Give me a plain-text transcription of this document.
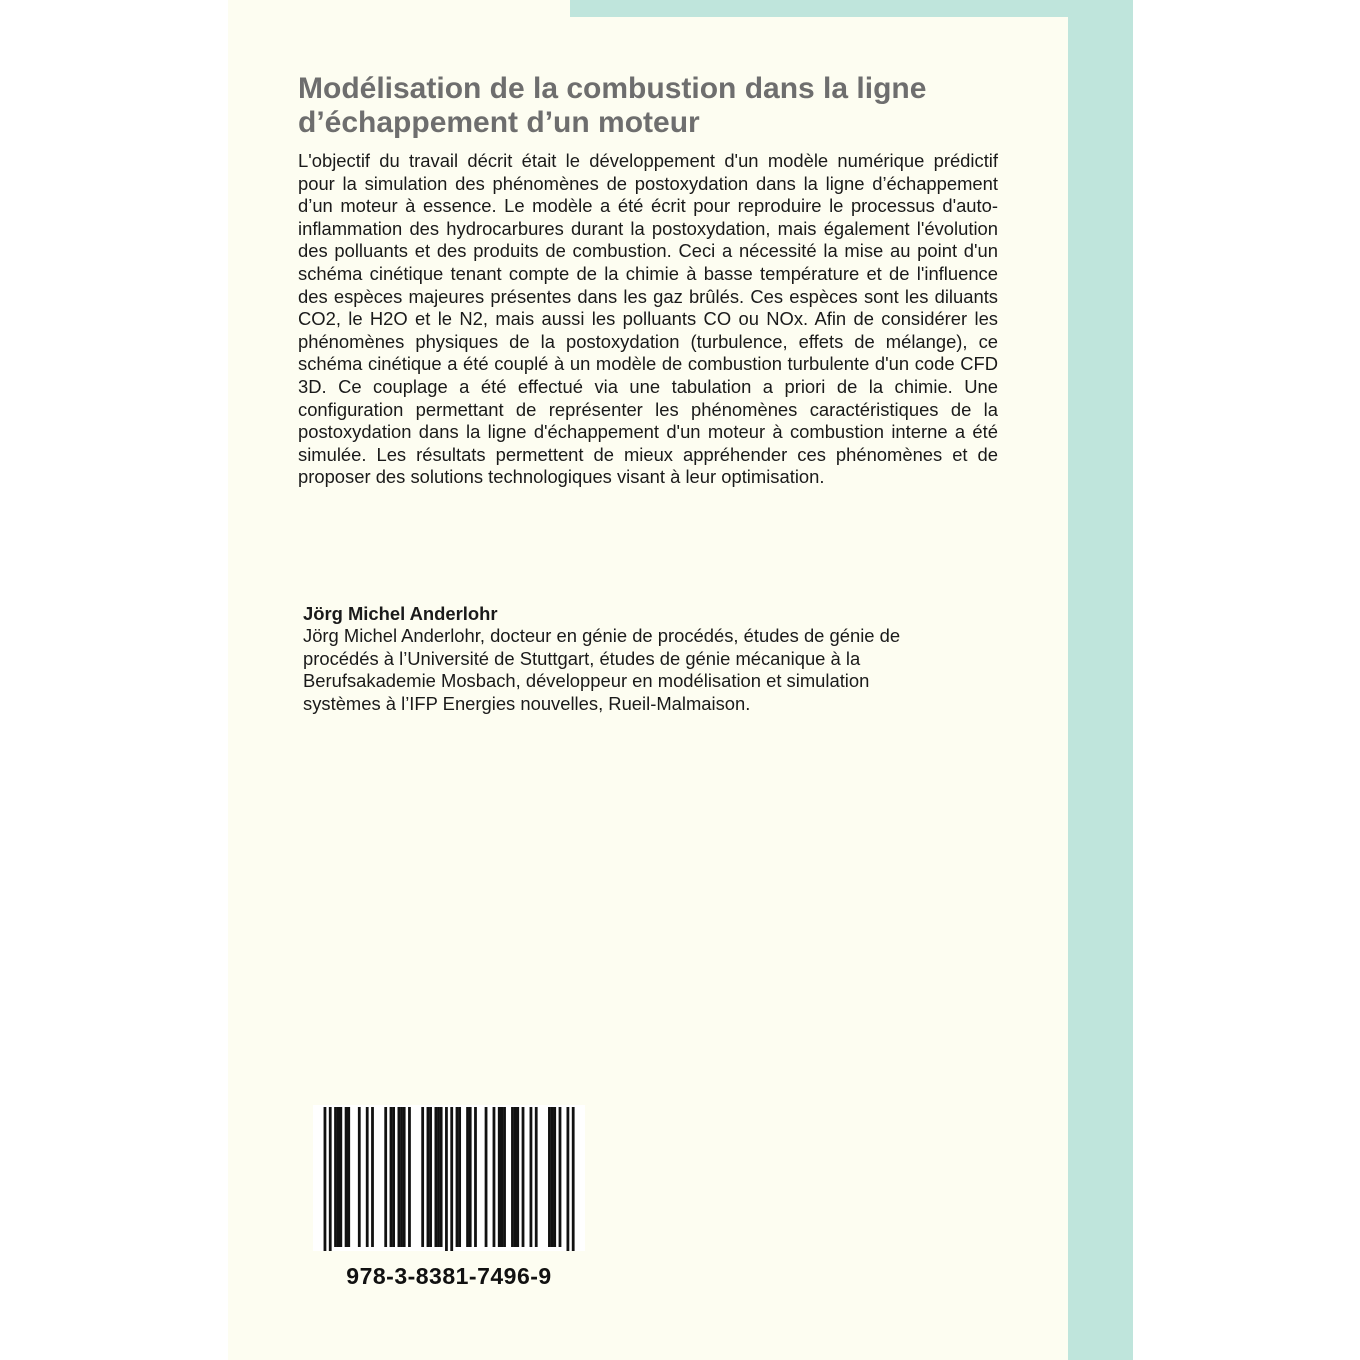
Modélisation de la combustion dans la ligne
d’échappement d’un moteur

L'objectif du travail décrit était le développement d'un modèle numérique prédictif pour la simulation des phénomènes de postoxydation dans la ligne d’échappement d’un moteur à essence. Le modèle a été écrit pour reproduire le processus d'auto-inflammation des hydrocarbures durant la postoxydation, mais également l'évolution des polluants et des produits de combustion. Ceci a nécessité la mise au point d'un schéma cinétique tenant compte de la chimie à basse température et de l'influence des espèces majeures présentes dans les gaz brûlés. Ces espèces sont les diluants CO2, le H2O et le N2, mais aussi les polluants CO ou NOx. Afin de considérer les phénomènes physiques de la postoxydation (turbulence, effets de mélange), ce schéma cinétique a été couplé à un modèle de combustion turbulente d'un code CFD 3D. Ce couplage a été effectué via une tabulation a priori de la chimie. Une configuration permettant de représenter les phénomènes caractéristiques de la postoxydation dans la ligne d'échappement d'un moteur à combustion interne a été simulée. Les résultats permettent de mieux appréhender ces phénomènes et de proposer des solutions technologiques visant à leur optimisation.

Jörg Michel Anderlohr

Jörg Michel Anderlohr, docteur en génie de procédés, études de génie de
procédés à l’Université de Stuttgart, études de génie mécanique à la
Berufsakademie Mosbach, développeur en modélisation et simulation
systèmes à l’IFP Energies nouvelles, Rueil-Malmaison.

978-3-8381-7496-9
